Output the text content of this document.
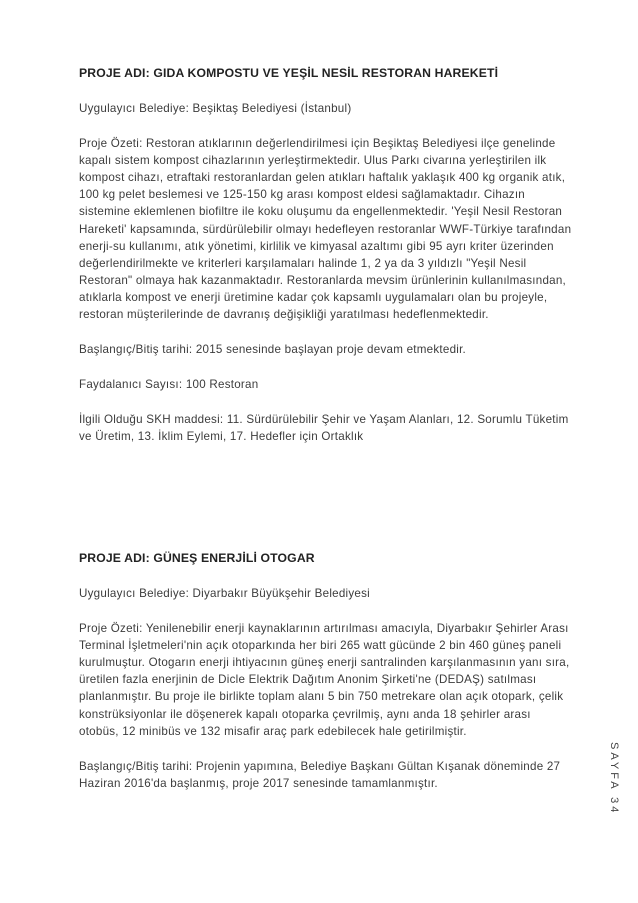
PROJE ADI: GIDA KOMPOSTU VE YEŞİL NESİL RESTORAN HAREKETİ

Uygulayıcı Belediye: Beşiktaş Belediyesi (İstanbul)

Proje Özeti: Restoran atıklarının değerlendirilmesi için Beşiktaş Belediyesi ilçe genelinde kapalı sistem kompost cihazlarının yerleştirmektedir. Ulus Parkı civarına yerleştirilen ilk kompost cihazı, etraftaki restoranlardan gelen atıkları haftalık yaklaşık 400 kg organik atık, 100 kg pelet beslemesi ve 125-150 kg arası kompost eldesi sağlamaktadır. Cihazın sistemine eklemlenen biofiltre ile koku oluşumu da engellenmektedir. 'Yeşil Nesil Restoran Hareketi' kapsamında, sürdürülebilir olmayı hedefleyen restoranlar WWF-Türkiye tarafından enerji-su kullanımı, atık yönetimi, kirlilik ve kimyasal azaltımı gibi 95 ayrı kriter üzerinden değerlendirilmekte ve kriterleri karşılamaları halinde 1, 2 ya da 3 yıldızlı "Yeşil Nesil Restoran" olmaya hak kazanmaktadır. Restoranlarda mevsim ürünlerinin kullanılmasından, atıklarla kompost ve enerji üretimine kadar çok kapsamlı uygulamaları olan bu projeyle, restoran müşterilerinde de davranış değişikliği yaratılması hedeflenmektedir.

Başlangıç/Bitiş tarihi: 2015 senesinde başlayan proje devam etmektedir.

Faydalanıcı Sayısı: 100 Restoran

İlgili Olduğu SKH maddesi: 11. Sürdürülebilir Şehir ve Yaşam Alanları, 12. Sorumlu Tüketim ve Üretim, 13. İklim Eylemi, 17. Hedefler için Ortaklık

PROJE ADI: GÜNEŞ ENERJİLİ OTOGAR

Uygulayıcı Belediye: Diyarbakır Büyükşehir Belediyesi

Proje Özeti: Yenilenebilir enerji kaynaklarının artırılması amacıyla, Diyarbakır Şehirler Arası Terminal İşletmeleri'nin açık otoparkında her biri 265 watt gücünde 2 bin 460 güneş paneli kurulmuştur. Otogarın enerji ihtiyacının güneş enerji santralinden karşılanmasının yanı sıra, üretilen fazla enerjinin de Dicle Elektrik Dağıtım Anonim Şirketi'ne (DEDAŞ) satılması planlanmıştır. Bu proje ile birlikte toplam alanı 5 bin 750 metrekare olan açık otopark, çelik konstrüksiyonlar ile döşenerek kapalı otoparka çevrilmiş, aynı anda 18 şehirler arası otobüs, 12 minibüs ve 132 misafir araç park edebilecek hale getirilmiştir.

Başlangıç/Bitiş tarihi: Projenin yapımına, Belediye Başkanı Gültan Kışanak döneminde 27 Haziran 2016'da başlanmış, proje 2017 senesinde tamamlanmıştır.	SAYFA 34
